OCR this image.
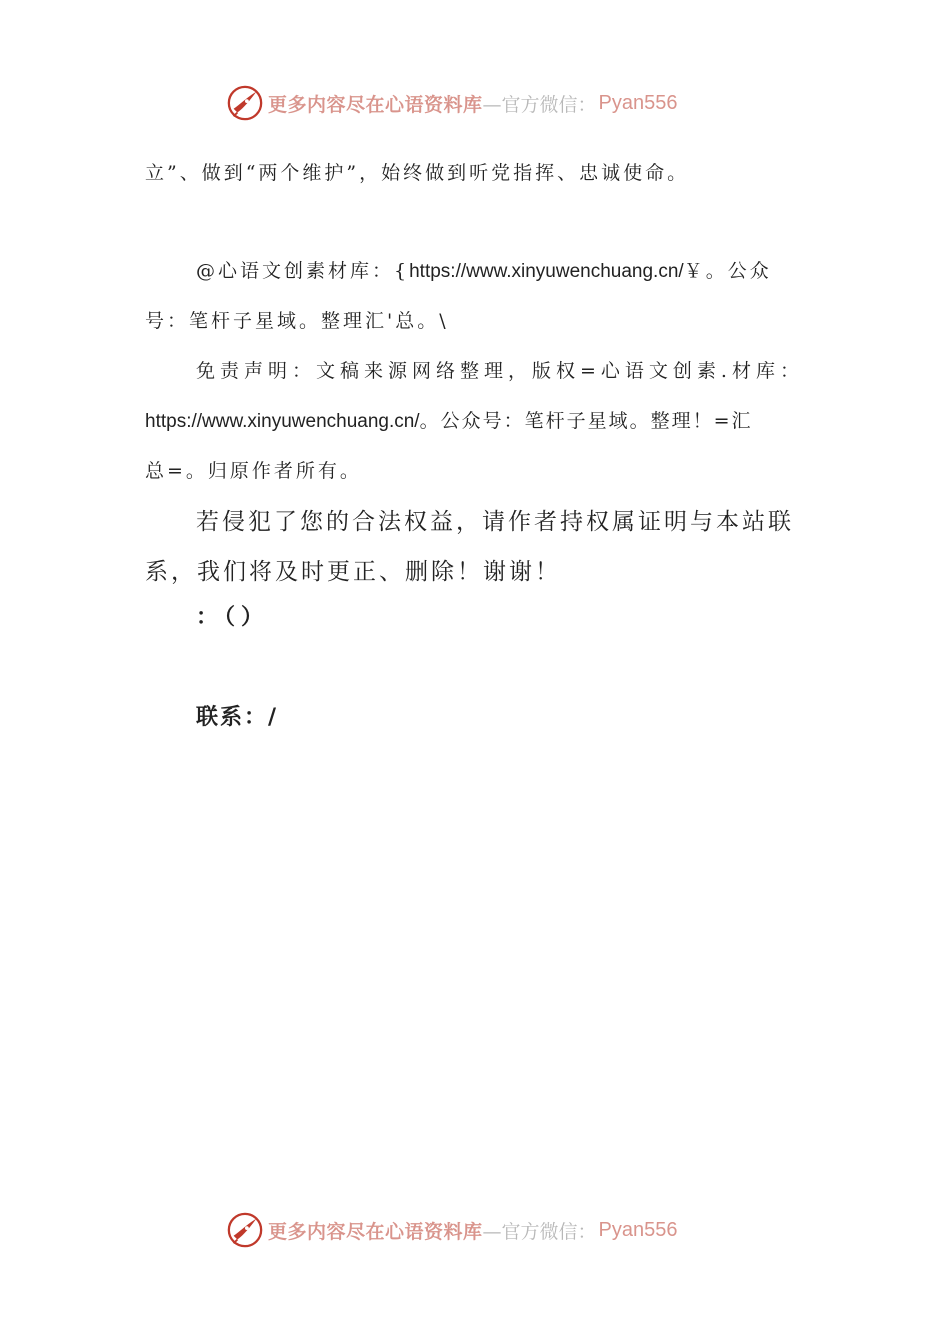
更多内容尽在心语资料库 —官方微信： Pyan556
立”、做到“两个维护”，始终做到听党指挥、忠诚使命。
@心语文创素材库：{https://www.xinyuwenchuang.cn/￥。公众
号：笔杆子星域。整理汇'总。\
免责声明：文稿来源网络整理，版权=心语文创素.材库：
https://www.xinyuwenchuang.cn/。公众号：笔杆子星域。整理！=汇
总=。归原作者所有。
若侵犯了您的合法权益，请作者持权属证明与本站联
系，我们将及时更正、删除！谢谢！
：（）
联系：/
更多内容尽在心语资料库 —官方微信： Pyan556
